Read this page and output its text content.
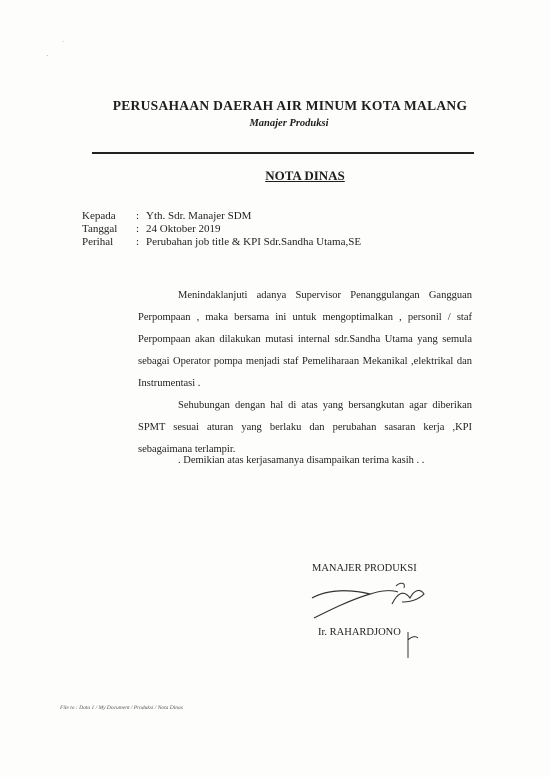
˙
·
PERUSAHAAN DAERAH AIR MINUM KOTA MALANG
Manajer Produksi
NOTA DINAS
Kepada	: Yth. Sdr. Manajer SDM
Tanggal	: 24 Oktober 2019
Perihal	: Perubahan job title & KPI Sdr.Sandha Utama,SE

Menindaklanjuti adanya Supervisor Penanggulangan Gangguan Perpompaan , maka bersama ini untuk mengoptimalkan , personil / staf Perpompaan akan dilakukan mutasi internal sdr.Sandha Utama yang semula sebagai Operator pompa menjadi staf Pemeliharaan Mekanikal ,elektrikal dan Instrumentasi .

Sehubungan dengan hal di atas yang bersangkutan agar diberikan SPMT sesuai aturan yang berlaku dan perubahan sasaran kerja ,KPI sebagaimana terlampir.

. Demikian atas kerjasamanya disampaikan terima kasih . .
MANAJER PRODUKSI
Ir. RAHARDJONO
File to : Data 1 / My Document / Produksi / Nota Dinas
